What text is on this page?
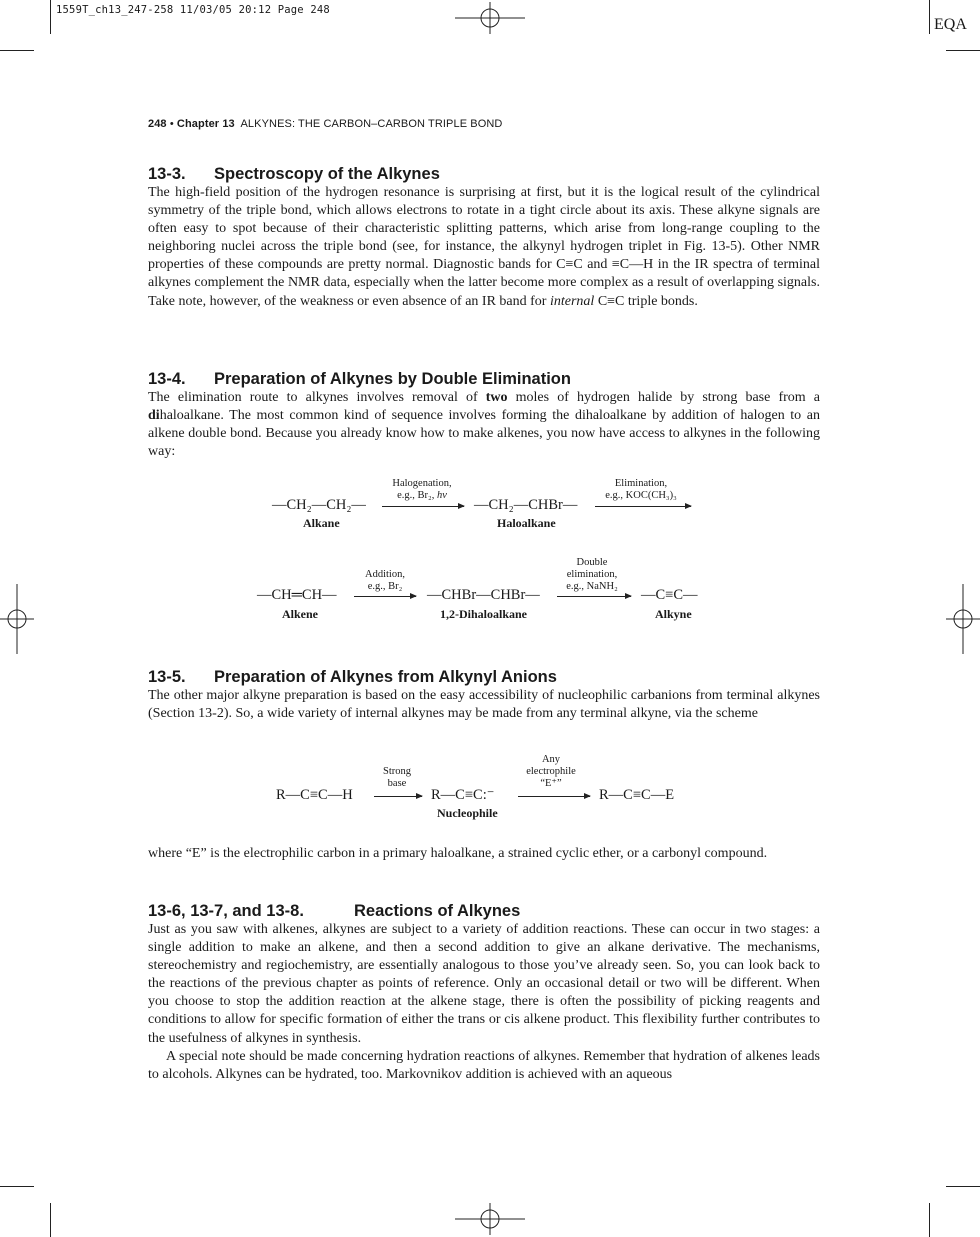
1559T_ch13_247-258 11/03/05 20:12 Page 248
EQA
248 • Chapter 13 ALKYNES: THE CARBON–CARBON TRIPLE BOND
13-3. Spectroscopy of the Alkynes

The high-field position of the hydrogen resonance is surprising at first, but it is the logical result of the cylindrical symmetry of the triple bond, which allows electrons to rotate in a tight circle about its axis. These alkyne signals are often easy to spot because of their characteristic splitting patterns, which arise from long-range coupling to the neighboring nuclei across the triple bond (see, for instance, the alkynyl hydrogen triplet in Fig. 13-5). Other NMR properties of these compounds are pretty normal. Diagnostic bands for C≡C and ≡C—H in the IR spectra of terminal alkynes complement the NMR data, especially when the latter become more complex as a result of overlapping signals. Take note, however, of the weakness or even absence of an IR band for internal C≡C triple bonds.

13-4. Preparation of Alkynes by Double Elimination

The elimination route to alkynes involves removal of two moles of hydrogen halide by strong base from a dihaloalkane. The most common kind of sequence involves forming the dihaloalkane by addition of halogen to an alkene double bond. Because you already know how to make alkenes, you now have access to alkynes in the following way:

—CH₂—CH₂—
Alkane
Halogenation,
e.g., Br₂, hν
—CH₂—CHBr—
Haloalkane
Elimination,
e.g., KOC(CH₃)₃
—CH═CH—
Alkene
Addition,
e.g., Br₂
→ —CHBr—CHBr—
1,2-Dihaloalkane
Double
elimination,
e.g., NaNH₂
—C≡C—
Alkyne
13-5. Preparation of Alkynes from Alkynyl Anions

The other major alkyne preparation is based on the easy accessibility of nucleophilic carbanions from terminal alkynes (Section 13-2). So, a wide variety of internal alkynes may be made from any terminal alkyne, via the scheme

R—C≡C—H
Strong
base
→ R—C≡C:⁻
Nucleophile
Any
electrophile
“E⁺”
R—C≡C—E

where “E” is the electrophilic carbon in a primary haloalkane, a strained cyclic ether, or a carbonyl compound.

13-6, 13-7, and 13-8.	Reactions of Alkynes

Just as you saw with alkenes, alkynes are subject to a variety of addition reactions. These can occur in two stages: a single addition to make an alkene, and then a second addition to give an alkane derivative. The mechanisms, stereochemistry and regiochemistry, are essentially analogous to those you’ve already seen. So, you can look back to the reactions of the previous chapter as points of reference. Only an occasional detail or two will be different. When you choose to stop the addition reaction at the alkene stage, there is often the possibility of picking reagents and conditions to allow for specific formation of either the trans or cis alkene product. This flexibility further contributes to the usefulness of alkynes in synthesis.

A special note should be made concerning hydration reactions of alkynes. Remember that hydration of alkenes leads to alcohols. Alkynes can be hydrated, too. Markovnikov addition is achieved with an aqueous
